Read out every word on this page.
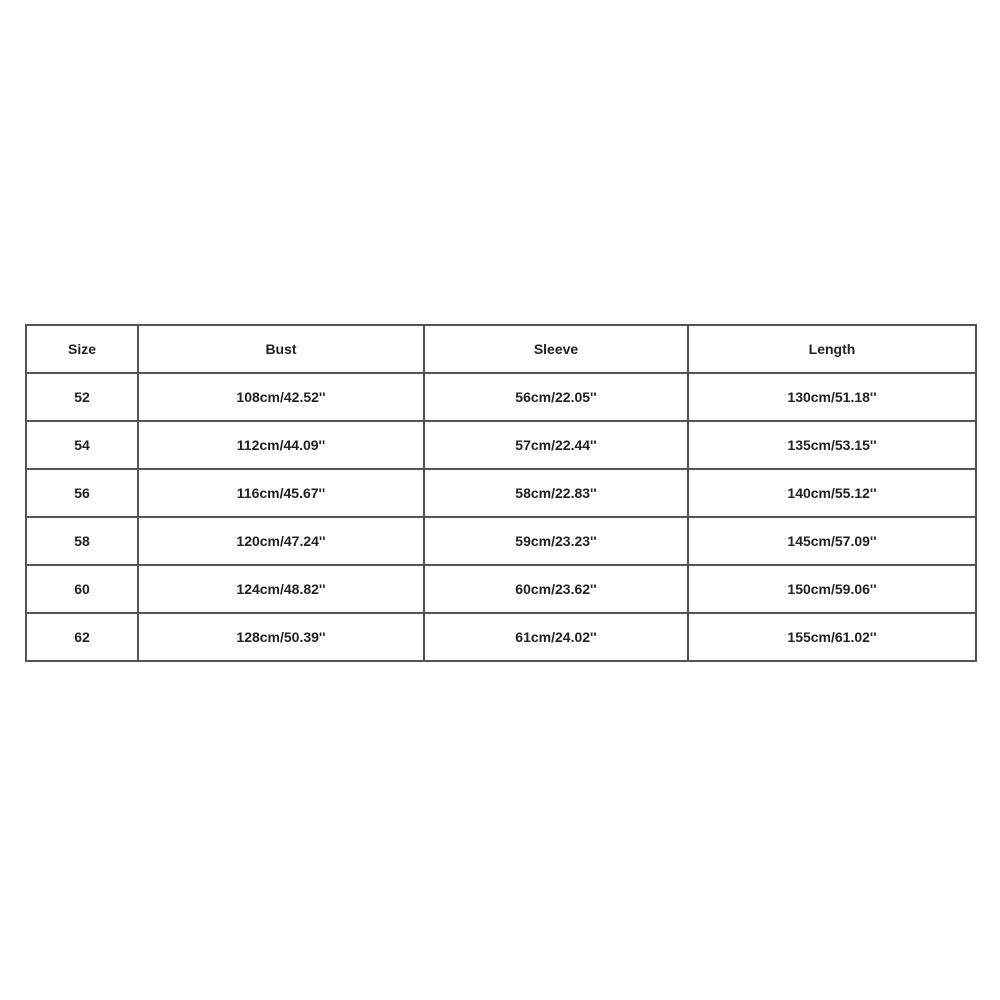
Size	Bust	Sleeve	Length
52	108cm/42.52''	56cm/22.05''	130cm/51.18''
54	112cm/44.09''	57cm/22.44''	135cm/53.15''
56	116cm/45.67''	58cm/22.83''	140cm/55.12''
58	120cm/47.24''	59cm/23.23''	145cm/57.09''
60	124cm/48.82''	60cm/23.62''	150cm/59.06''
62	128cm/50.39''	61cm/24.02''	155cm/61.02''
